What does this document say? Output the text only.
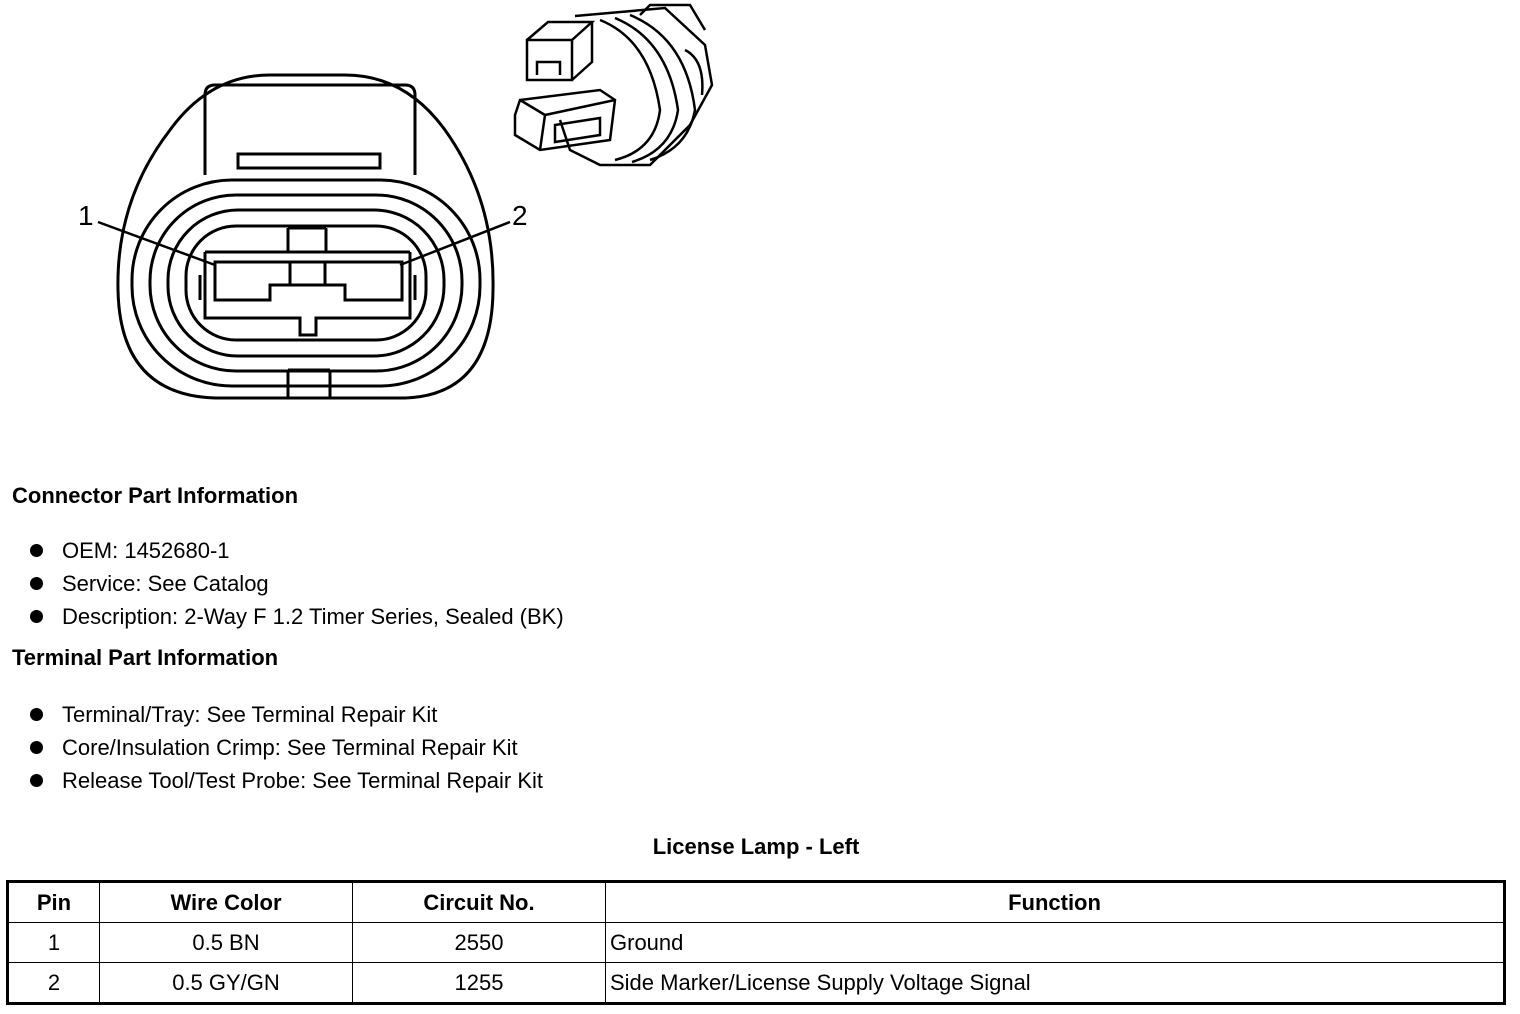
1	2
Connector Part Information
OEM: 1452680-1
Service: See Catalog
Description: 2-Way F 1.2 Timer Series, Sealed (BK)
Terminal Part Information
Terminal/Tray: See Terminal Repair Kit
Core/Insulation Crimp: See Terminal Repair Kit
Release Tool/Test Probe: See Terminal Repair Kit
License Lamp - Left
Pin	Wire Color	Circuit No.	Function
1	0.5 BN	2550	Ground
2	0.5 GY/GN	1255	Side Marker/License Supply Voltage Signal
